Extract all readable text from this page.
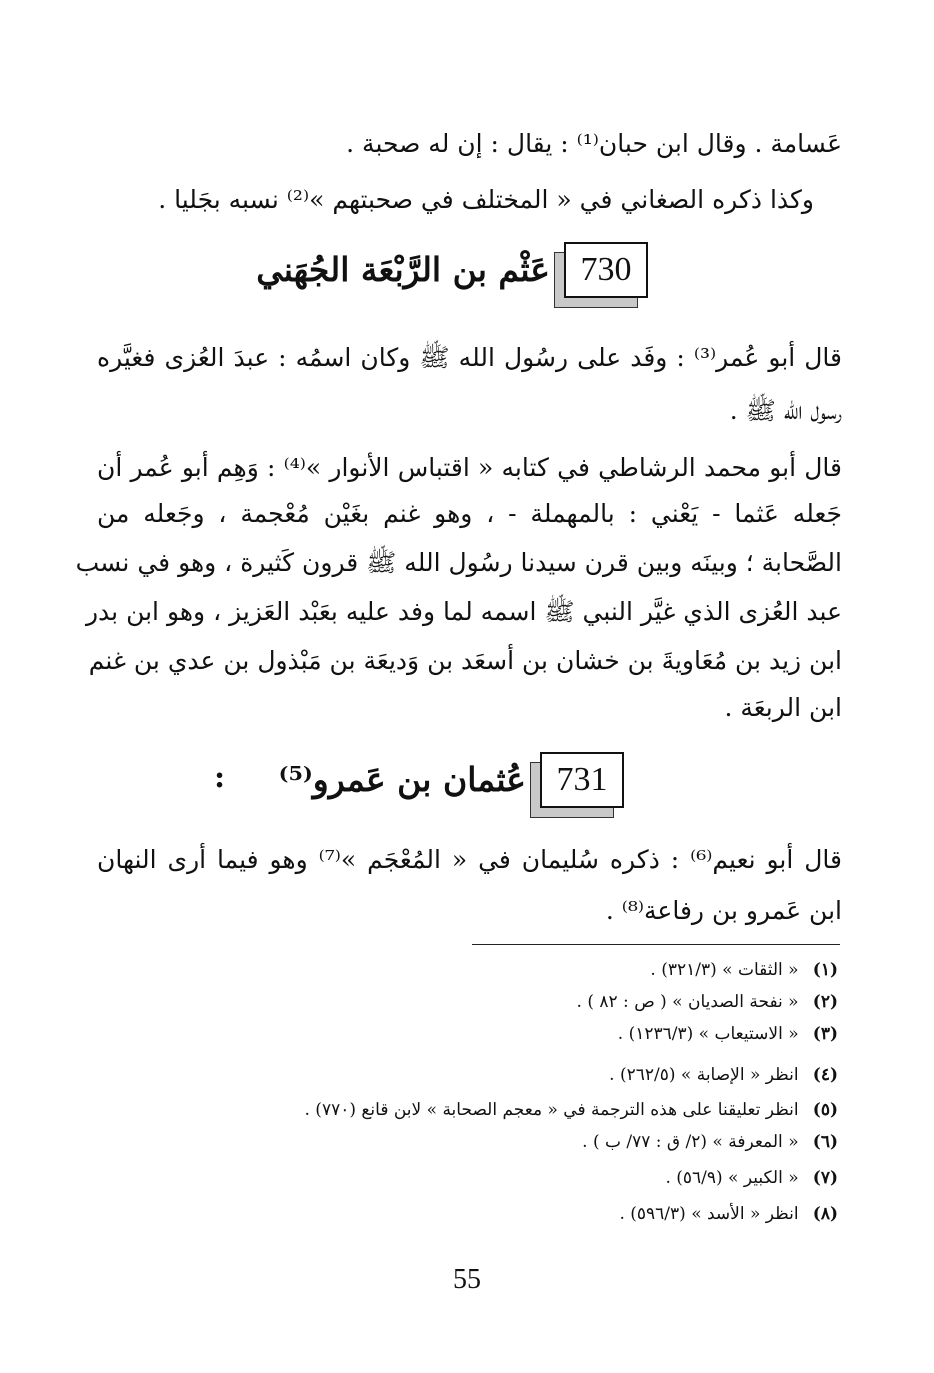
عَسامة . وقال ابن حبان⁽¹⁾ : يقال : إن له صحبة .
وكذا ذكره الصغاني في « المختلف في صحبتهم »⁽²⁾ نسبه بجَليا .
730
عَثْم بن الرَّبْعَة الجُهَني
قال أبو عُمر⁽³⁾ : وفَد على رسُول الله ﷺ وكان اسمُه : عبدَ العُزى فغيَّره
رسول الله ﷺ .
قال أبو محمد الرشاطي في كتابه « اقتباس الأنوار »⁽⁴⁾ : وَهِم أبو عُمر أن
جَعله عَثما - يَعْني : بالمهملة - ، وهو غنم بغَيْن مُعْجمة ، وجَعله من
الصَّحابة ؛ وبينَه وبين قرن سيدنا رسُول الله ﷺ قرون كَثيرة ، وهو في نسب
عبد العُزى الذي غيَّر النبي ﷺ اسمه لما وفد عليه بعَبْد العَزيز ، وهو ابن بدر
ابن زيد بن مُعَاويةَ بن خشان بن أسعَد بن وَديعَة بن مَبْذول بن عدي بن غنم
ابن الربعَة .
731
عُثمان بن عَمرو⁽⁵⁾
:
قال أبو نعيم⁽⁶⁾ : ذكره سُليمان في « المُعْجَم »⁽⁷⁾ وهو فيما أرى النهان
ابن عَمرو بن رفاعة⁽⁸⁾ .
(١) « الثقات » (٣٢١/٣) .
(٢) « نفحة الصديان » ( ص : ٨٢ ) .
(٣) « الاستيعاب » (١٢٣٦/٣) .
(٤) انظر « الإصابة » (٢٦٢/٥) .
(٥) انظر تعليقنا على هذه الترجمة في « معجم الصحابة » لابن قانع (٧٧٠) .
(٦) « المعرفة » (٢/ ق : ٧٧/ ب ) .
(٧) « الكبير » (٥٦/٩) .
(٨) انظر « الأسد » (٥٩٦/٣) .
55
